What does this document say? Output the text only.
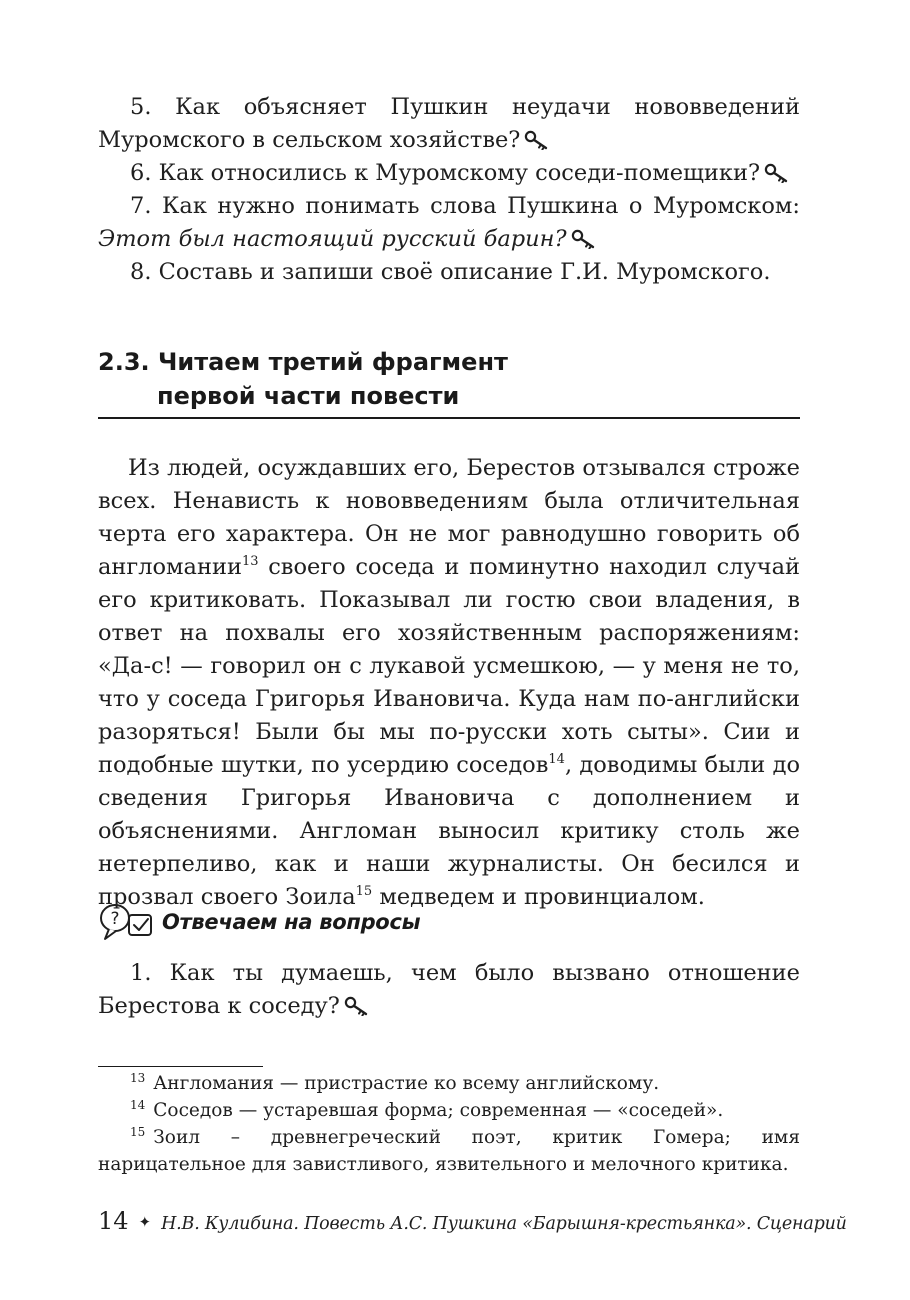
5. Как объясняет Пушкин неудачи нововведений Муромского в сельском хозяйстве?

6. Как относились к Муромскому соседи-помещики?

7. Как нужно понимать слова Пушкина о Муромском: Этот был настоящий русский барин?

8. Составь и запиши своё описание Г.И. Муромского.

2.3. Читаем третий фрагмент
первой части повести

Из людей, осуждавших его, Берестов отзывался строже всех. Ненависть к нововведениям была отличительная черта его характера. Он не мог равнодушно говорить об англомании$^{13}$ своего соседа и поминутно находил случай его критиковать. Показывал ли гостю свои владения, в ответ на похвалы его хозяйственным распоряжениям: «Да-с! — говорил он с лукавой усмешкою, — у меня не то, что у соседа Григорья Ивановича. Куда нам по-английски разоряться! Были бы мы по-русски хоть сыты». Сии и подобные шутки, по усердию соседов$^{14}$, доводимы были до сведения Григорья Ивановича с дополнением и объяснениями. Англоман выносил критику столь же нетерпеливо, как и наши журналисты. Он бесился и прозвал своего Зоила$^{15}$ медведем и провинциалом.

? Отвечаем на вопросы

1. Как ты думаешь, чем было вызвано отношение Берестова к соседу?

$^{13}$ Англомания — пристрастие ко всему английскому.

$^{14}$ Соседов — устаревшая форма; современная — «соседей».

$^{15}$ Зоил – древнегреческий поэт, критик Гомера; имя нарицательное для завистливого, язвительного и мелочного критика.

14 ✦ Н.В. Кулибина. Повесть А.С. Пушкина «Барышня-крестьянка». Сценарий
